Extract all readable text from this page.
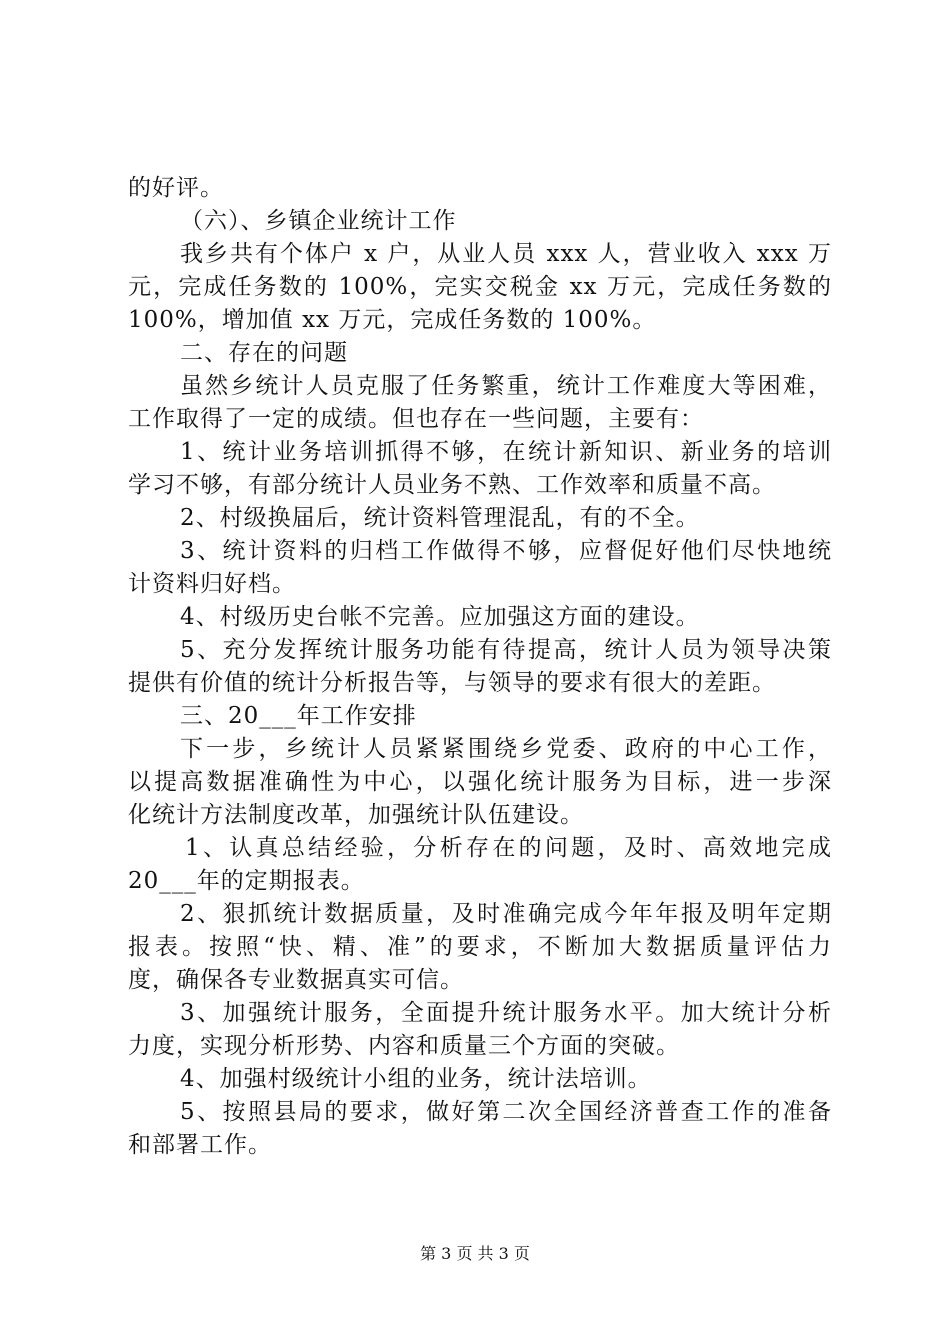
的好评。
（六）、乡镇企业统计工作
我乡共有个体户 x 户，从业人员 xxx 人，营业收入 xxx 万
元，完成任务数的 100%，完实交税金 xx 万元，完成任务数的
100%，增加值 xx 万元，完成任务数的 100%。
二、存在的问题
虽然乡统计人员克服了任务繁重，统计工作难度大等困难，
工作取得了一定的成绩。但也存在一些问题，主要有：
1、统计业务培训抓得不够，在统计新知识、新业务的培训
学习不够，有部分统计人员业务不熟、工作效率和质量不高。
2、村级换届后，统计资料管理混乱，有的不全。
3、统计资料的归档工作做得不够，应督促好他们尽快地统
计资料归好档。
4、村级历史台帐不完善。应加强这方面的建设。
5、充分发挥统计服务功能有待提高，统计人员为领导决策
提供有价值的统计分析报告等，与领导的要求有很大的差距。
三、20___年工作安排
下一步，乡统计人员紧紧围绕乡党委、政府的中心工作，
以提高数据准确性为中心，以强化统计服务为目标，进一步深
化统计方法制度改革，加强统计队伍建设。
1、认真总结经验，分析存在的问题，及时、高效地完成
20___年的定期报表。
2、狠抓统计数据质量，及时准确完成今年年报及明年定期
报表。按照“快、精、准”的要求，不断加大数据质量评估力
度，确保各专业数据真实可信。
3、加强统计服务，全面提升统计服务水平。加大统计分析
力度，实现分析形势、内容和质量三个方面的突破。
4、加强村级统计小组的业务，统计法培训。
5、按照县局的要求，做好第二次全国经济普查工作的准备
和部署工作。
第 3 页 共 3 页
